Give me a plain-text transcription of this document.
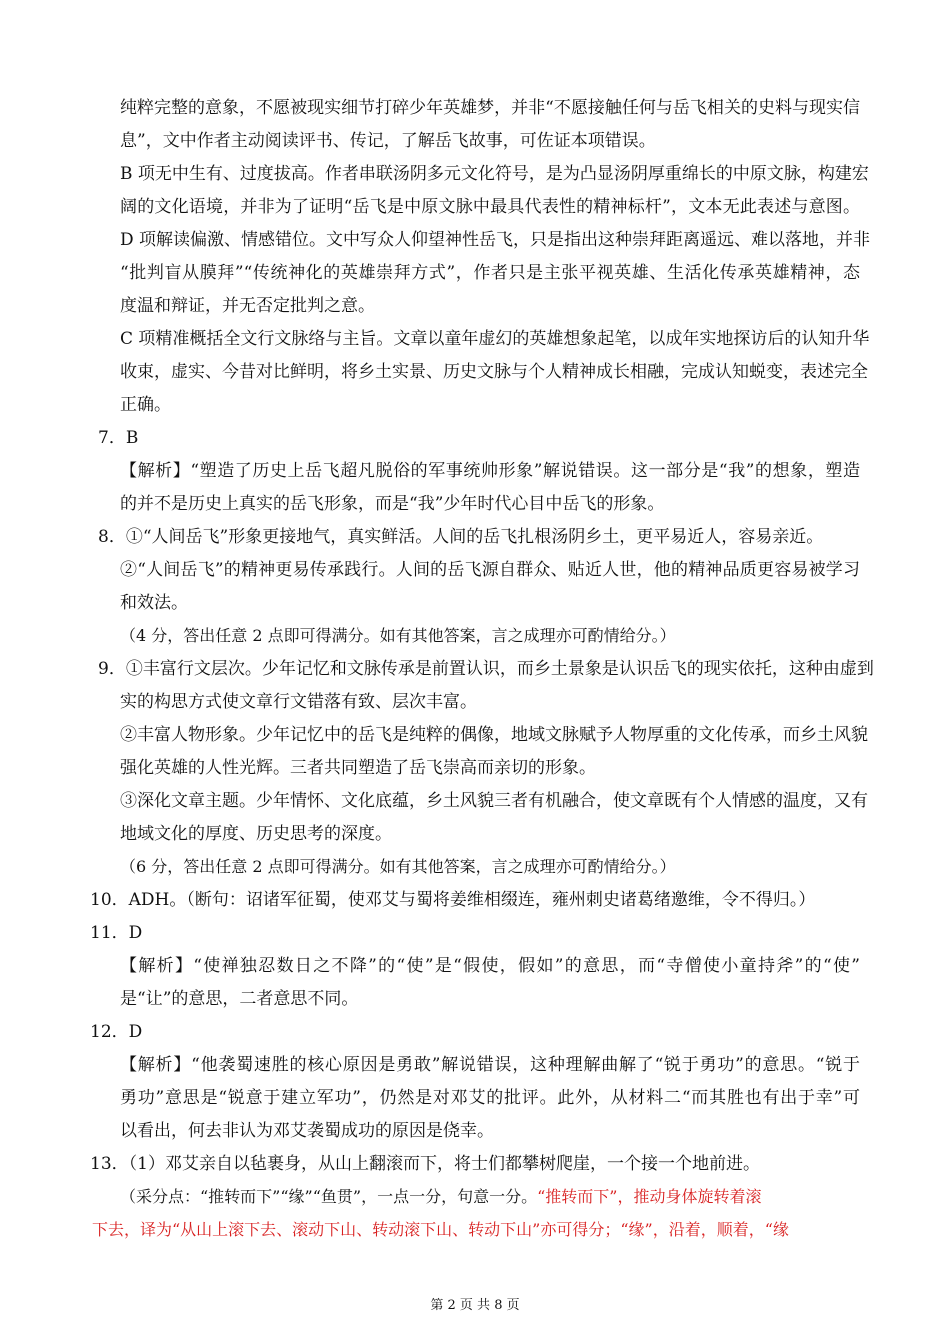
纯粹完整的意象，不愿被现实细节打碎少年英雄梦，并非“不愿接触任何与岳飞相关的史料与现实信
息”，文中作者主动阅读评书、传记，了解岳飞故事，可佐证本项错误。
B 项无中生有、过度拔高。作者串联汤阴多元文化符号，是为凸显汤阴厚重绵长的中原文脉，构建宏
阔的文化语境，并非为了证明“岳飞是中原文脉中最具代表性的精神标杆”，文本无此表述与意图。
D 项解读偏激、情感错位。文中写众人仰望神性岳飞，只是指出这种崇拜距离遥远、难以落地，并非
“批判盲从膜拜”“传统神化的英雄崇拜方式”，作者只是主张平视英雄、生活化传承英雄精神，态
度温和辩证，并无否定批判之意。
C 项精准概括全文行文脉络与主旨。文章以童年虚幻的英雄想象起笔，以成年实地探访后的认知升华
收束，虚实、今昔对比鲜明，将乡土实景、历史文脉与个人精神成长相融，完成认知蜕变，表述完全
正确。
7．B
【解析】“塑造了历史上岳飞超凡脱俗的军事统帅形象”解说错误。这一部分是“我”的想象，塑造
的并不是历史上真实的岳飞形象，而是“我”少年时代心目中岳飞的形象。
8．①“人间岳飞”形象更接地气，真实鲜活。人间的岳飞扎根汤阴乡土，更平易近人，容易亲近。
②“人间岳飞”的精神更易传承践行。人间的岳飞源自群众、贴近人世，他的精神品质更容易被学习
和效法。
（4 分，答出任意 2 点即可得满分。如有其他答案，言之成理亦可酌情给分。）
9．①丰富行文层次。少年记忆和文脉传承是前置认识，而乡土景象是认识岳飞的现实依托，这种由虚到
实的构思方式使文章行文错落有致、层次丰富。
②丰富人物形象。少年记忆中的岳飞是纯粹的偶像，地域文脉赋予人物厚重的文化传承，而乡土风貌
强化英雄的人性光辉。三者共同塑造了岳飞崇高而亲切的形象。
③深化文章主题。少年情怀、文化底蕴，乡土风貌三者有机融合，使文章既有个人情感的温度，又有
地域文化的厚度、历史思考的深度。
（6 分，答出任意 2 点即可得满分。如有其他答案，言之成理亦可酌情给分。）
10．ADH。（断句：诏诸军征蜀，使邓艾与蜀将姜维相缀连，雍州刺史诸葛绪邀维，令不得归。）
11．D
【解析】“使禅独忍数日之不降”的“使”是“假使，假如”的意思，而“寺僧使小童持斧”的“使”
是“让”的意思，二者意思不同。
12．D
【解析】“他袭蜀速胜的核心原因是勇敢”解说错误，这种理解曲解了“锐于勇功”的意思。“锐于
勇功”意思是“锐意于建立军功”，仍然是对邓艾的批评。此外，从材料二“而其胜也有出于幸”可
以看出，何去非认为邓艾袭蜀成功的原因是侥幸。
13．（1）邓艾亲自以毡裹身，从山上翻滚而下，将士们都攀树爬崖，一个接一个地前进。
（采分点：“推转而下”“缘”“鱼贯”，一点一分，句意一分。“推转而下”，推动身体旋转着滚
下去，译为“从山上滚下去、滚动下山、转动滚下山、转动下山”亦可得分；“缘”，沿着，顺着，“缘
第 2 页 共 8 页
